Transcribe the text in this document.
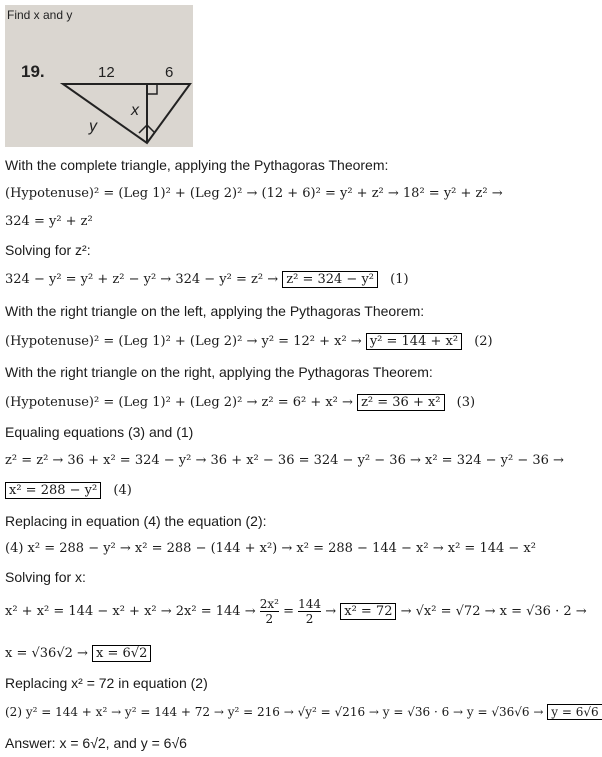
Find x and y
19.	12	6
x
y
With the complete triangle, applying the Pythagoras Theorem:
(Hypotenuse)² = (Leg 1)² + (Leg 2)² → (12 + 6)² = y² + z² → 18² = y² + z² →
324 = y² + z²
Solving for z²:
324 − y² = y² + z² − y² → 324 − y² = z² → z² = 324 − y² (1)
With the right triangle on the left, applying the Pythagoras Theorem:
(Hypotenuse)² = (Leg 1)² + (Leg 2)² → y² = 12² + x² → y² = 144 + x² (2)
With the right triangle on the right, applying the Pythagoras Theorem:
(Hypotenuse)² = (Leg 1)² + (Leg 2)² → z² = 6² + x² → z² = 36 + x² (3)
Equaling equations (3) and (1)
z² = z² → 36 + x² = 324 − y² → 36 + x² − 36 = 324 − y² − 36 → x² = 324 − y² − 36 →
x² = 288 − y² (4)
Replacing in equation (4) the equation (2):
(4) x² = 288 − y² → x² = 288 − (144 + x²) → x² = 288 − 144 − x² → x² = 144 − x²
Solving for x:
$x^2 + x^2 = 144 - x^2 + x^2 \to 2x^2 = 144 \to \frac{\text{2x²}}{2} = \frac{144}{2} \to x^2 = 72 \to √x^2 = √72 \to x = √36 \cdot 2$ →
x = √36√2 → x = 6√2
Replacing x² = 72 in equation (2)
(2) y² = 144 + x² → y² = 144 + 72 → y² = 216 → √y² = √216 → y = √36 · 6 → y = √36√6 → y = 6√6
Answer: x = 6√2, and y = 6√6
